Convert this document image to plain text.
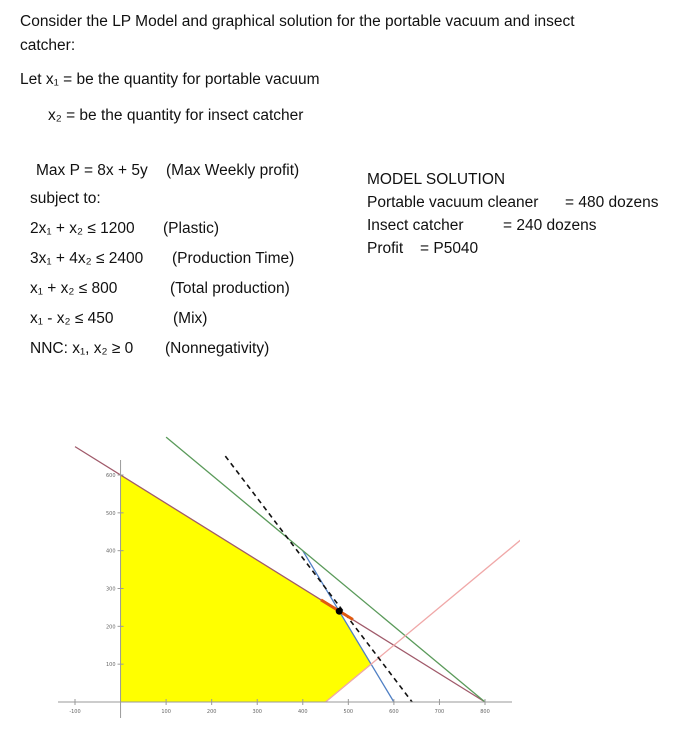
Consider the LP Model and graphical solution for the portable vacuum and insect
catcher:
Let x₁ = be the quantity for portable vacuum
x₂ = be the quantity for insect catcher
Max P = 8x + 5y (Max Weekly profit)
subject to:
2x₁ + x₂ ≤ 1200 (Plastic)
3x₁ + 4x₂ ≤ 2400 (Production Time)
x₁ + x₂ ≤ 800	(Total production)
x₁ - x₂ ≤ 450	(Mix)
NNC: x₁, x₂ ≥ 0 (Nonnegativity)
MODEL SOLUTION
Portable vacuum cleaner = 480 dozens
Insect catcher	= 240 dozens
Profit = P5040
-100	100	200	300	400	500	600	700	800
100
200
300
400
500
600
